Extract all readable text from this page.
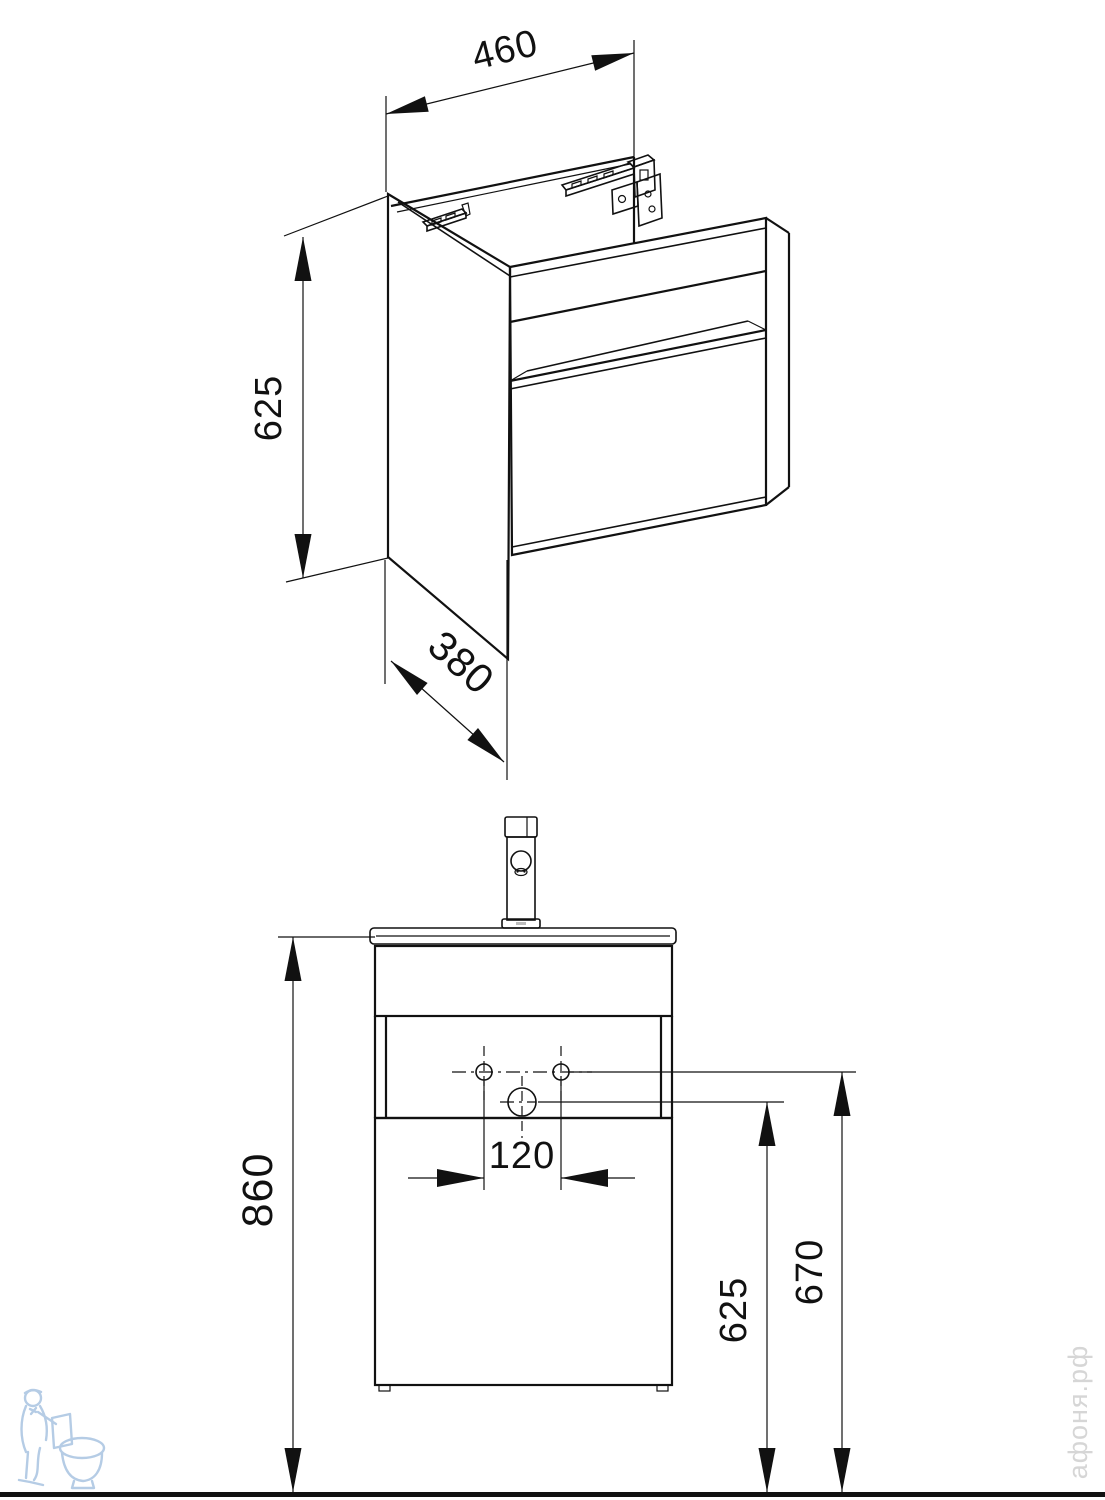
460
625
380
860	120
625
670
афоня.рф
